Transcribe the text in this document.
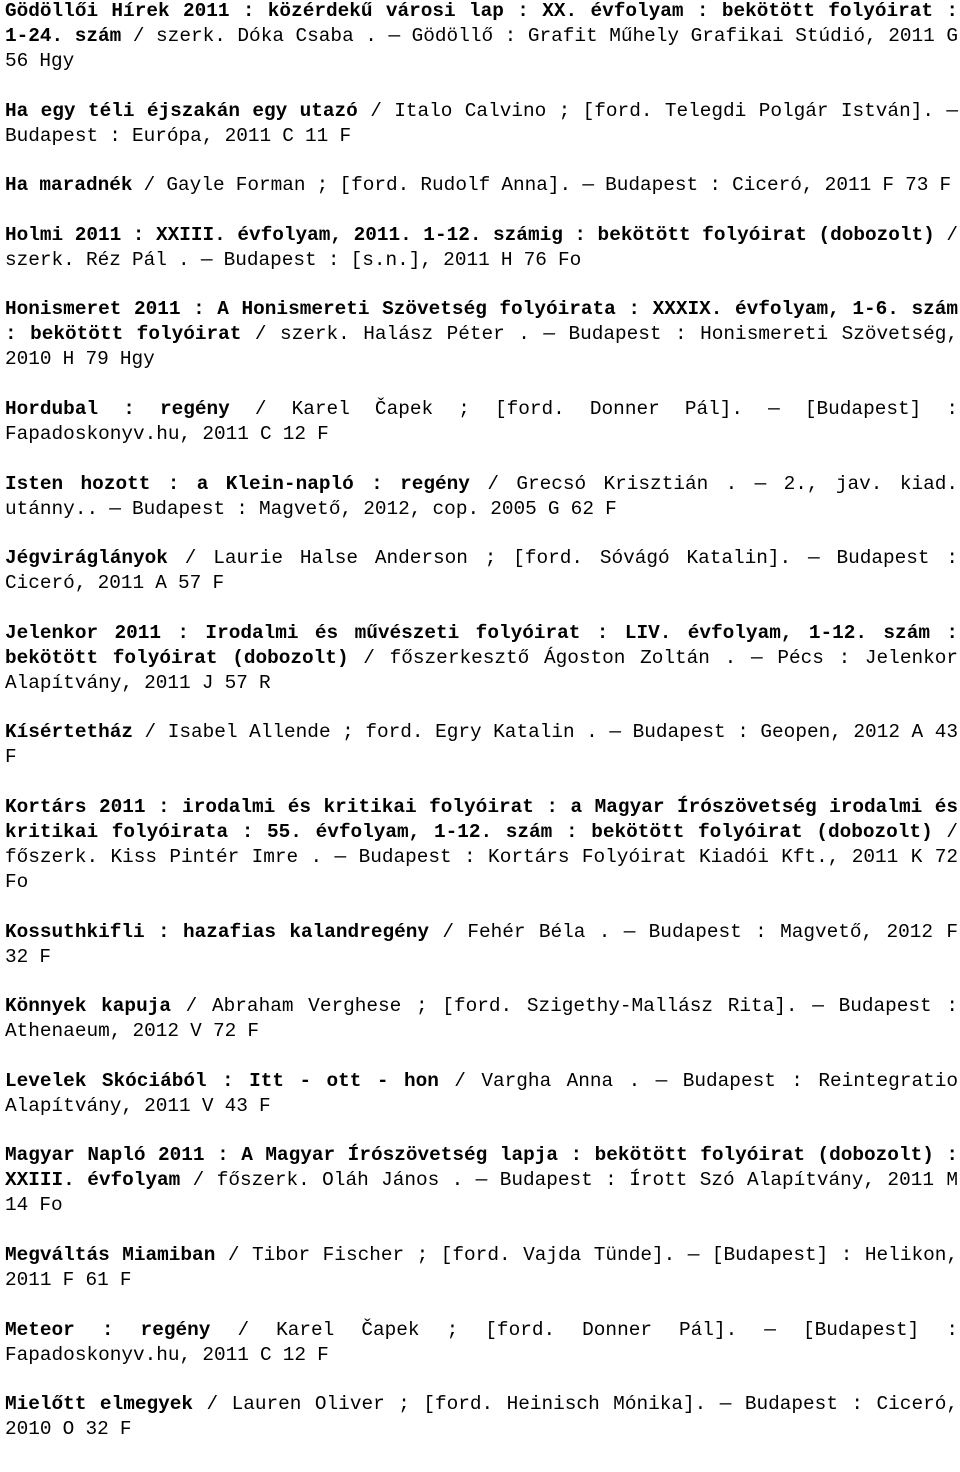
Gödöllői Hírek 2011 : közérdekű városi lap : XX. évfolyam : bekötött folyóirat : 1-24. szám / szerk. Dóka Csaba . — Gödöllő : Grafit Műhely Grafikai Stúdió, 2011 G 56 Hgy

Ha egy téli éjszakán egy utazó / Italo Calvino ; [ford. Telegdi Polgár István]. — Budapest : Európa, 2011 C 11 F

Ha maradnék / Gayle Forman ; [ford. Rudolf Anna]. — Budapest : Ciceró, 2011 F 73 F

Holmi 2011 : XXIII. évfolyam, 2011. 1-12. számig : bekötött folyóirat (dobozolt) / szerk. Réz Pál . — Budapest : [s.n.], 2011 H 76 Fo

Honismeret 2011 : A Honismereti Szövetség folyóirata : XXXIX. évfolyam, 1-6. szám : bekötött folyóirat / szerk. Halász Péter . — Budapest : Honismereti Szövetség, 2010 H 79 Hgy

Hordubal : regény / Karel Čapek ; [ford. Donner Pál]. — [Budapest] : Fapadoskonyv.hu, 2011 C 12 F

Isten hozott : a Klein-napló : regény / Grecsó Krisztián . — 2., jav. kiad. utánny.. — Budapest : Magvető, 2012, cop. 2005 G 62 F

Jégviráglányok / Laurie Halse Anderson ; [ford. Sóvágó Katalin]. — Budapest : Ciceró, 2011 A 57 F

Jelenkor 2011 : Irodalmi és művészeti folyóirat : LIV. évfolyam, 1-12. szám : bekötött folyóirat (dobozolt) / főszerkesztő Ágoston Zoltán . — Pécs : Jelenkor Alapítvány, 2011 J 57 R

Kísértetház / Isabel Allende ; ford. Egry Katalin . — Budapest : Geopen, 2012 A 43 F

Kortárs 2011 : irodalmi és kritikai folyóirat : a Magyar Írószövetség irodalmi és kritikai folyóirata : 55. évfolyam, 1-12. szám : bekötött folyóirat (dobozolt) / főszerk. Kiss Pintér Imre . — Budapest : Kortárs Folyóirat Kiadói Kft., 2011 K 72 Fo

Kossuthkifli : hazafias kalandregény / Fehér Béla . — Budapest : Magvető, 2012 F 32 F

Könnyek kapuja / Abraham Verghese ; [ford. Szigethy-Mallász Rita]. — Budapest : Athenaeum, 2012 V 72 F

Levelek Skóciából : Itt - ott - hon / Vargha Anna . — Budapest : Reintegratio Alapítvány, 2011 V 43 F

Magyar Napló 2011 : A Magyar Írószövetség lapja : bekötött folyóirat (dobozolt) : XXIII. évfolyam / főszerk. Oláh János . — Budapest : Írott Szó Alapítvány, 2011 M 14 Fo

Megváltás Miamiban / Tibor Fischer ; [ford. Vajda Tünde]. — [Budapest] : Helikon, 2011 F 61 F

Meteor : regény / Karel Čapek ; [ford. Donner Pál]. — [Budapest] : Fapadoskonyv.hu, 2011 C 12 F

Mielőtt elmegyek / Lauren Oliver ; [ford. Heinisch Mónika]. — Budapest : Ciceró, 2010 O 32 F
